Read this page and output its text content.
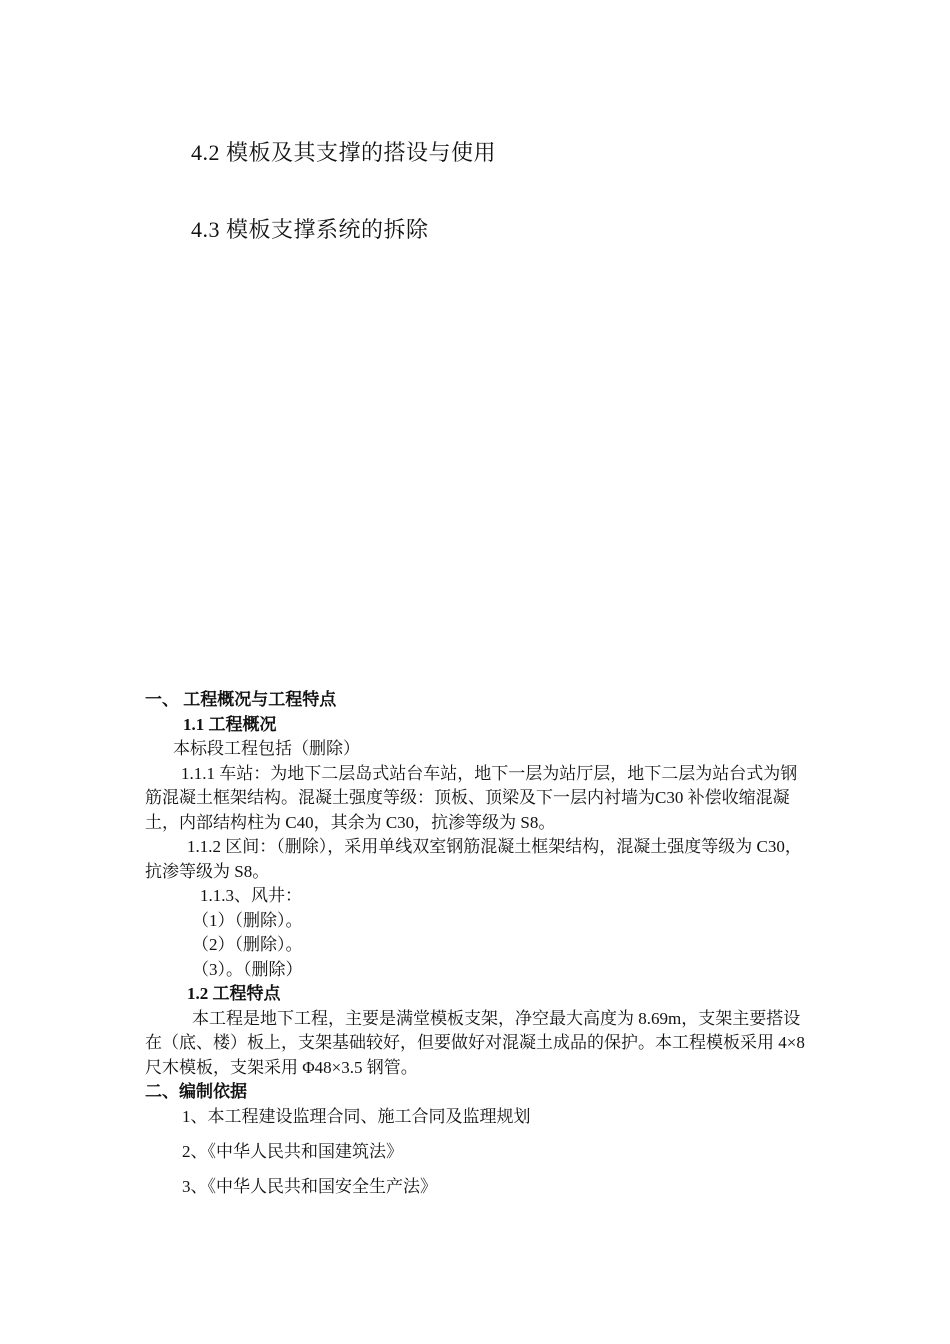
4.2 模板及其支撑的搭设与使用
4.3 模板支撑系统的拆除

一、 工程概况与工程特点

1.1 工程概况

本标段工程包括（删除）

1.1.1 车站：为地下二层岛式站台车站，地下一层为站厅层，地下二层为站台式为钢筋混凝土框架结构。混凝土强度等级：顶板、顶梁及下一层内衬墙为C30 补偿收缩混凝土，内部结构柱为 C40，其余为 C30，抗渗等级为 S8。

1.1.2 区间：（删除），采用单线双室钢筋混凝土框架结构，混凝土强度等级为 C30，抗渗等级为 S8。

1.1.3、风井：

（1）（删除）。

（2）（删除）。

（3）。（删除）

1.2 工程特点

本工程是地下工程，主要是满堂模板支架，净空最大高度为 8.69m，支架主要搭设在（底、楼）板上，支架基础较好，但要做好对混凝土成品的保护。本工程模板采用 4×8 尺木模板，支架采用 Φ48×3.5 钢管。

二、编制依据

1、本工程建设监理合同、施工合同及监理规划

2、《中华人民共和国建筑法》

3、《中华人民共和国安全生产法》
